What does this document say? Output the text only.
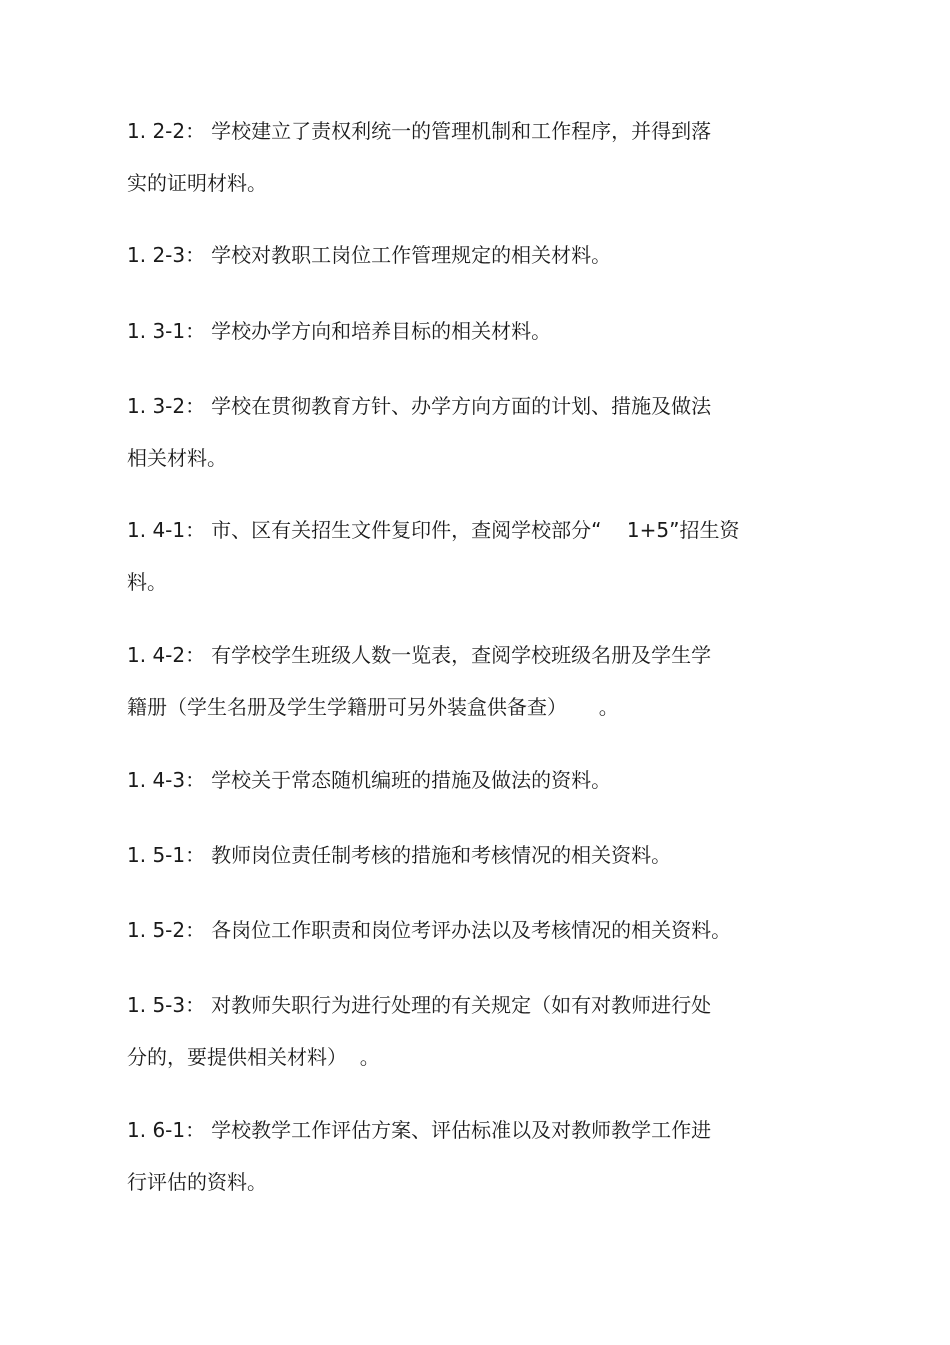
1. 2-2： 学校建立了责权利统一的管理机制和工作程序，并得到落
实的证明材料。
1. 2-3： 学校对教职工岗位工作管理规定的相关材料。
1. 3-1： 学校办学方向和培养目标的相关材料。
1. 3-2： 学校在贯彻教育方针、办学方向方面的计划、措施及做法
相关材料。
1. 4-1： 市、区有关招生文件复印件，查阅学校部分“    1+5”招生资
料。
1. 4-2： 有学校学生班级人数一览表，查阅学校班级名册及学生学
籍册（学生名册及学生学籍册可另外装盒供备查）     。
1. 4-3： 学校关于常态随机编班的措施及做法的资料。
1. 5-1： 教师岗位责任制考核的措施和考核情况的相关资料。
1. 5-2： 各岗位工作职责和岗位考评办法以及考核情况的相关资料。
1. 5-3： 对教师失职行为进行处理的有关规定（如有对教师进行处
分的，要提供相关材料）  。
1. 6-1： 学校教学工作评估方案、评估标准以及对教师教学工作进
行评估的资料。
